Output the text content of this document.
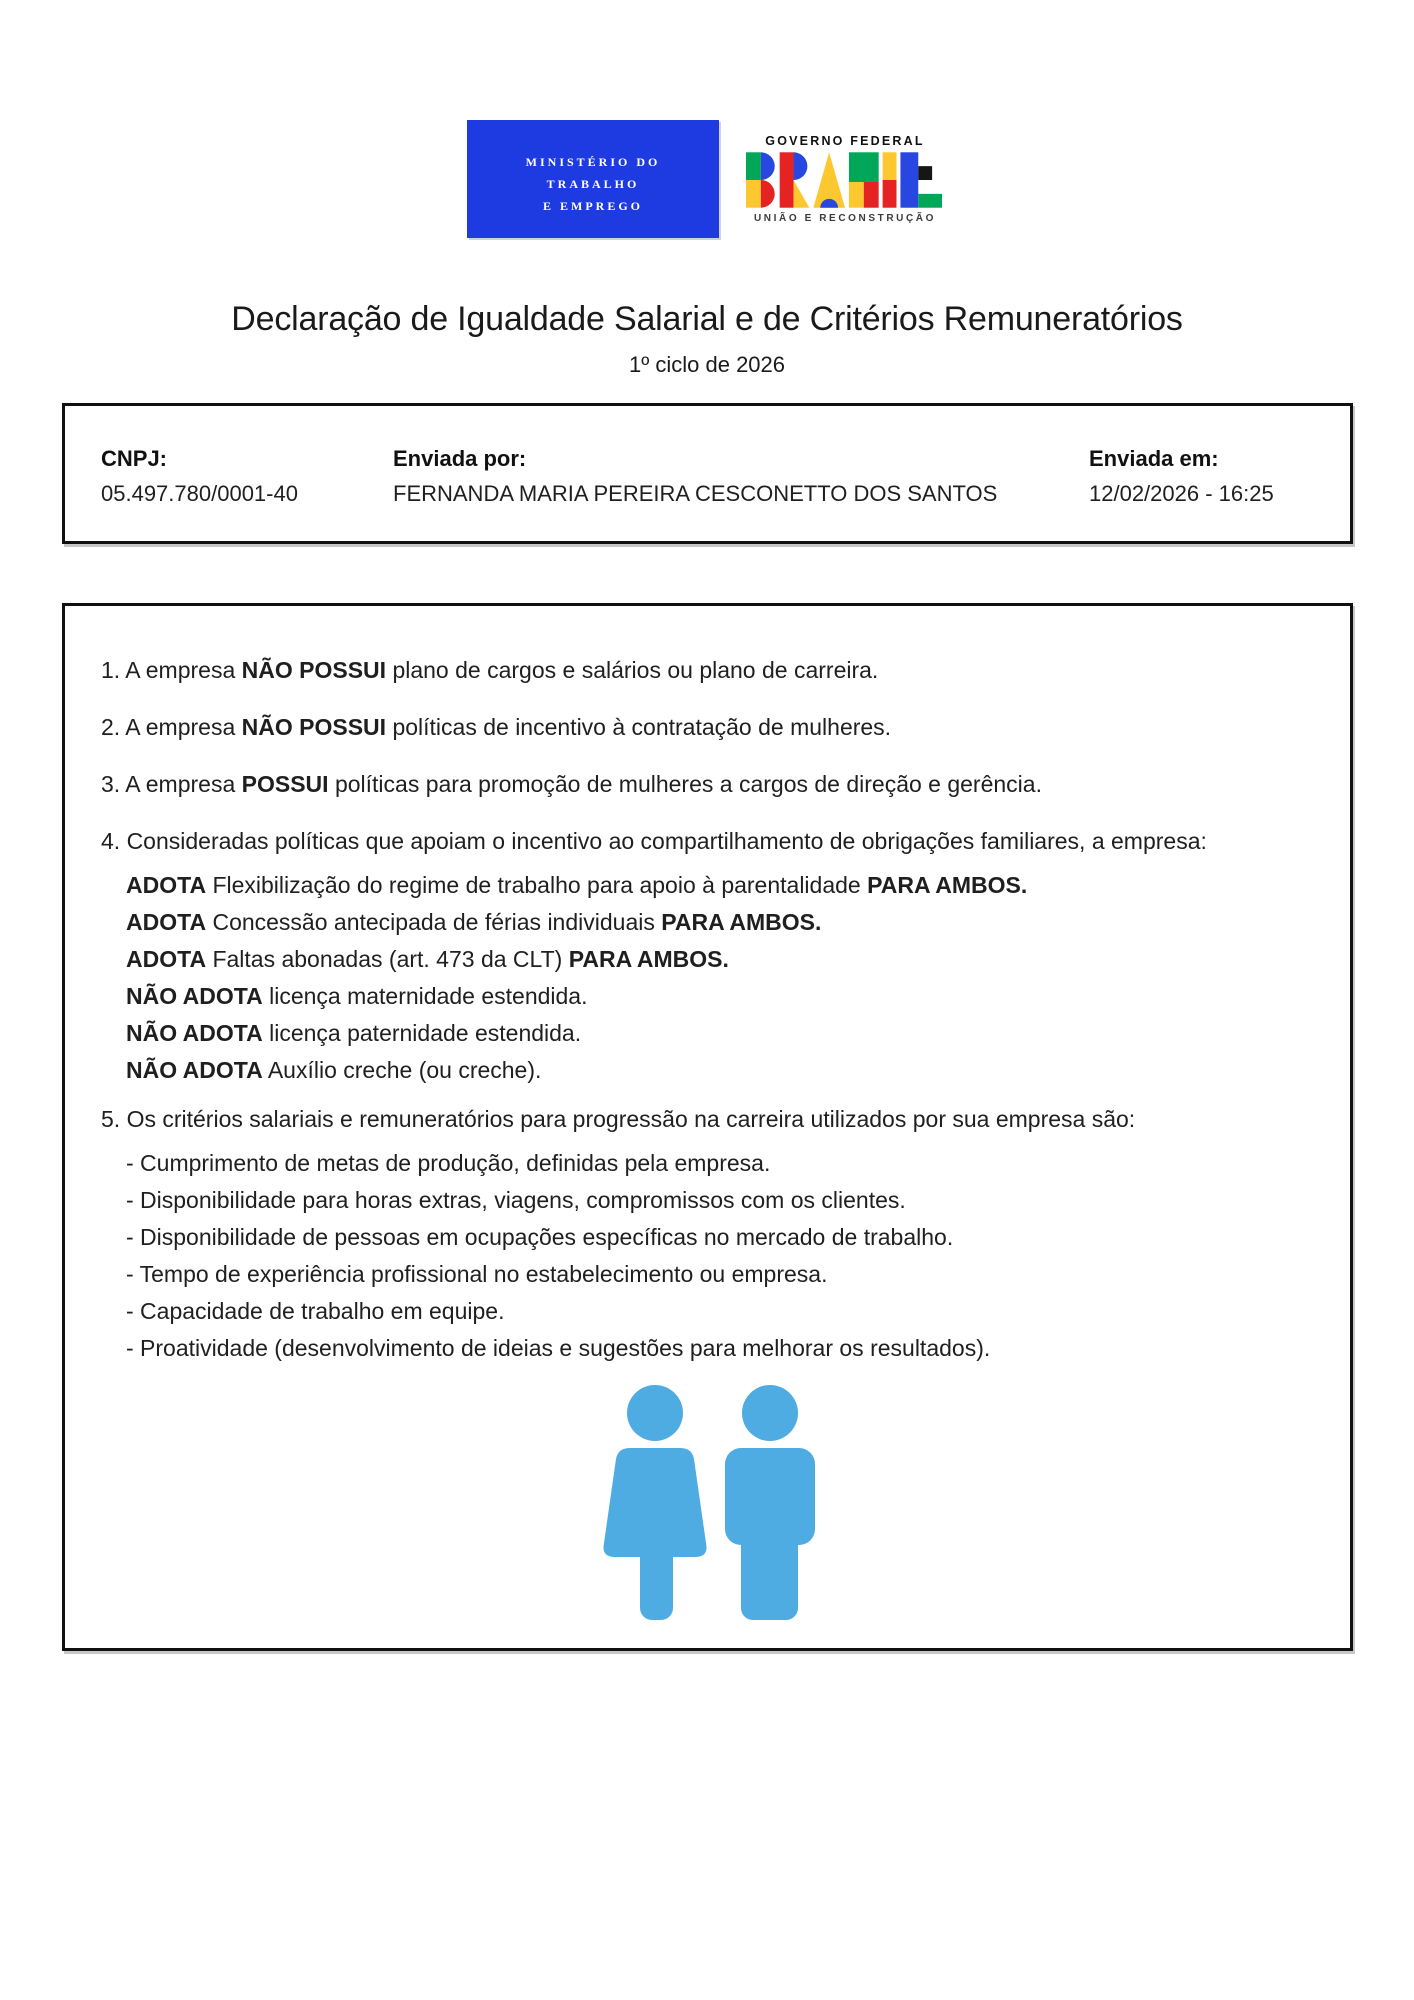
MINISTÉRIO DO
TRABALHO
E EMPREGO
GOVERNO FEDERAL
UNIÃO E RECONSTRUÇÃO
Declaração de Igualdade Salarial e de Critérios Remuneratórios
1º ciclo de 2026
CNPJ:
05.497.780/0001-40
Enviada por:
FERNANDA MARIA PEREIRA CESCONETTO DOS SANTOS
Enviada em:
12/02/2026 - 16:25
1. A empresa NÃO POSSUI plano de cargos e salários ou plano de carreira.
2. A empresa NÃO POSSUI políticas de incentivo à contratação de mulheres.
3. A empresa POSSUI políticas para promoção de mulheres a cargos de direção e gerência.
4. Consideradas políticas que apoiam o incentivo ao compartilhamento de obrigações familiares, a empresa:
ADOTA Flexibilização do regime de trabalho para apoio à parentalidade PARA AMBOS.
ADOTA Concessão antecipada de férias individuais PARA AMBOS.
ADOTA Faltas abonadas (art. 473 da CLT) PARA AMBOS.
NÃO ADOTA licença maternidade estendida.
NÃO ADOTA licença paternidade estendida.
NÃO ADOTA Auxílio creche (ou creche).
5. Os critérios salariais e remuneratórios para progressão na carreira utilizados por sua empresa são:
- Cumprimento de metas de produção, definidas pela empresa.
- Disponibilidade para horas extras, viagens, compromissos com os clientes.
- Disponibilidade de pessoas em ocupações específicas no mercado de trabalho.
- Tempo de experiência profissional no estabelecimento ou empresa.
- Capacidade de trabalho em equipe.
- Proatividade (desenvolvimento de ideias e sugestões para melhorar os resultados).
